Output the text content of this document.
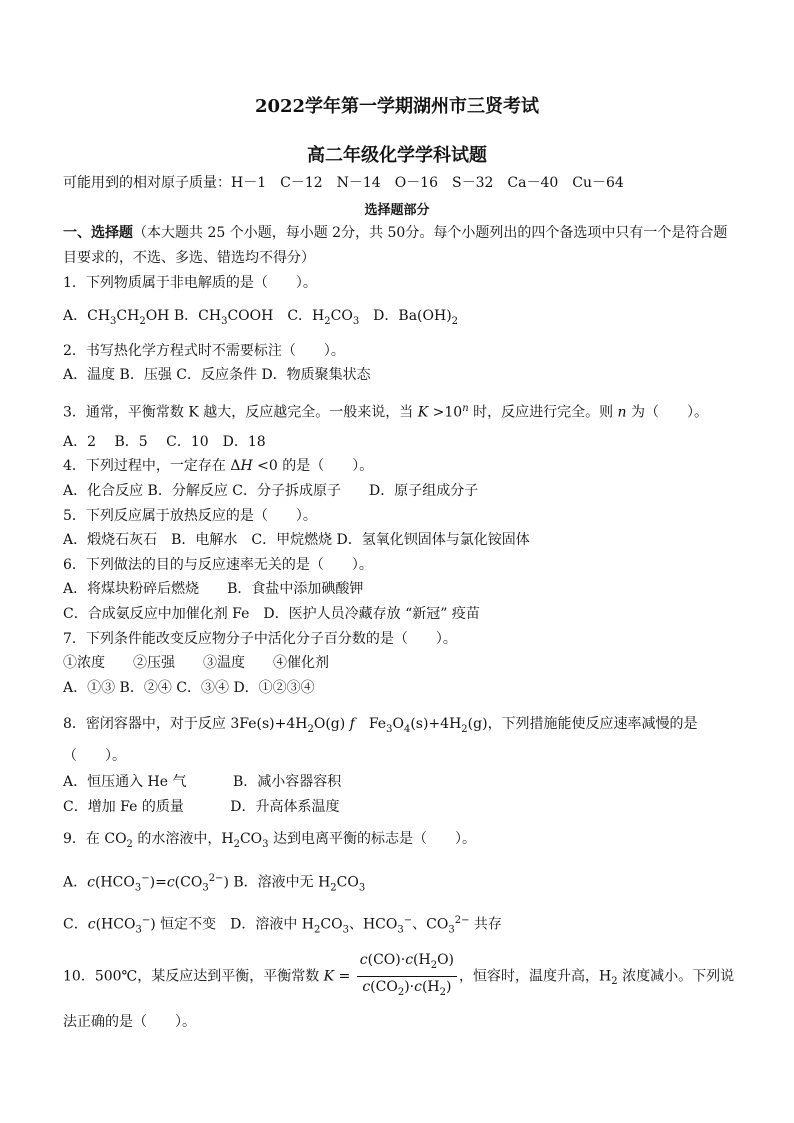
2022学年第一学期湖州市三贤考试
高二年级化学学科试题
可能用到的相对原子质量：H－1　C－12　N－14　O－16　S－32　Ca－40　Cu－64
选择题部分
一、选择题（本大题共 25 个小题，每小题 2分，共 50分。每个小题列出的四个备选项中只有一个是符合题
目要求的，不选、多选、错选均不得分）
1．下列物质属于非电解质的是（　　）。
A．$CH_3CH_2OH$ B．$CH_3COOH$　C．$H_2CO_3$　D．$Ba(OH)_2$
2．书写热化学方程式时不需要标注（　　）。
A．温度 B．压强 C．反应条件 D．物质聚集状态
3．通常，平衡常数 K 越大，反应越完全。一般来说，当 $K >10^n$ 时，反应进行完全。则 n 为（　　）。
A．2　 B．5　 C．10　D．18
4．下列过程中，一定存在 ΔH <0 的是（　　）。
A．化合反应 B．分解反应 C．分子拆成原子　　D．原子组成分子
5．下列反应属于放热反应的是（　　）。
A．煅烧石灰石　B．电解水　C．甲烷燃烧 D．氢氧化钡固体与氯化铵固体
6．下列做法的目的与反应速率无关的是（　　）。
A．将煤块粉碎后燃烧　　B．食盐中添加碘酸钾
C．合成氨反应中加催化剂 Fe　D．医护人员冷藏存放 “新冠” 疫苗
7．下列条件能改变反应物分子中活化分子百分数的是（　　）。
①浓度　　②压强　　③温度　　④催化剂
A．①③ B．②④ C．③④ D．①②③④
8．密闭容器中，对于反应 $3Fe(s)+4H_2O(g)$ f　$Fe_3O_4(s)+4H_2(g)$，下列措施能使反应速率减慢的是
（　　）。
A．恒压通入 He 气　　　 B．减小容器容积
C．增加 Fe 的质量　　　 D．升高体系温度
9．在 $CO_2$ 的水溶液中，$H_2CO_3$ 达到电离平衡的标志是（　　）。
A．$c(HCO_3^-)=c(CO_3^{2-})$ B．溶液中无 $H_2CO_3$
C．$c(HCO_3^-)$ 恒定不变　D．溶液中 $H_2CO_3$、$HCO_3^-$、$CO_3^{2-}$ 共存
10．500℃，某反应达到平衡，平衡常数 $K = \frac{c(CO)\cdot c(H_2O)}{c(CO_2)\cdot c(H_2)}$ ，恒容时，温度升高，$H_2$ 浓度减小。下列说
法正确的是（　　）。
